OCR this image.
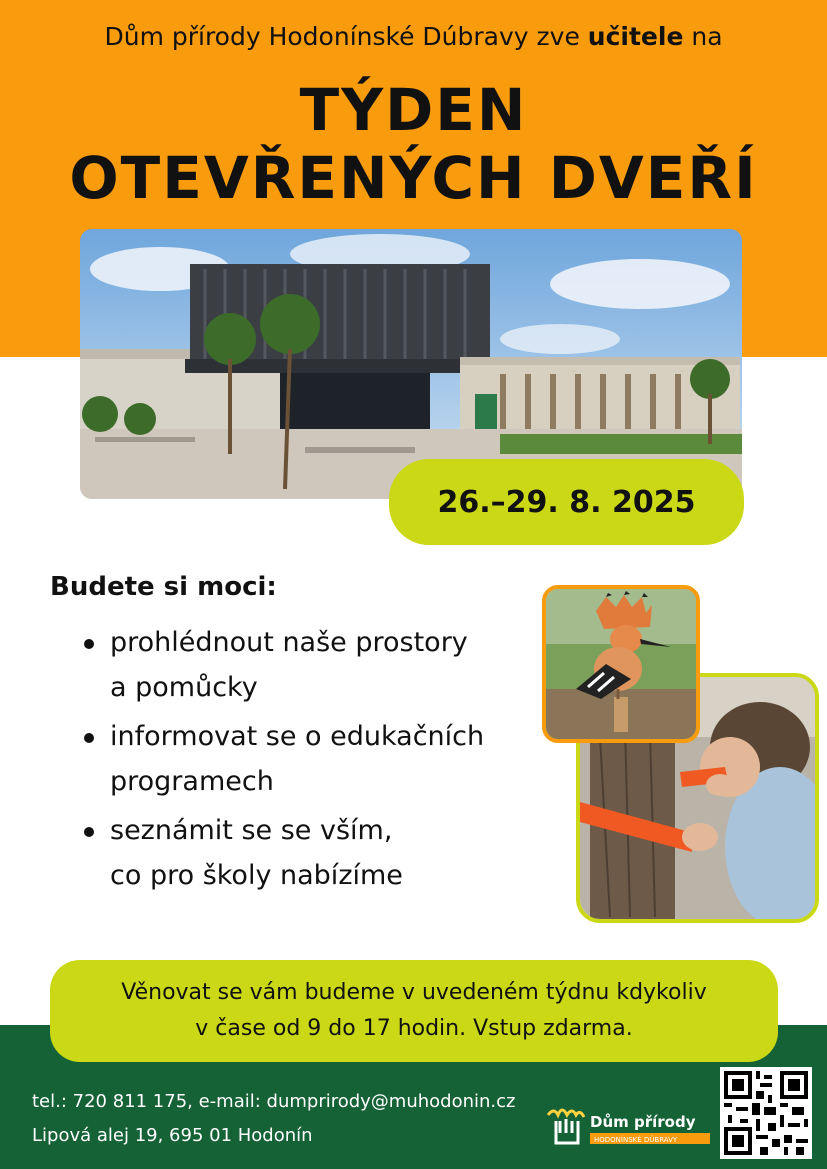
Dům přírody Hodonínské Dúbravy zve učitele na
TÝDEN
OTEVŘENÝCH DVEŘÍ
26.–29. 8. 2025
Budete si moci:
prohlédnout naše prostory
a pomůcky
informovat se o edukačních
programech
seznámit se se vším,
co pro školy nabízíme
Věnovat se vám budeme v uvedeném týdnu kdykoliv
v čase od 9 do 17 hodin. Vstup zdarma.
tel.: 720 811 175, e-mail: dumprirody@muhodonin.cz
Lipová alej 19, 695 01 Hodonín
Dům přírody
HODONÍNSKÉ DÚBRAVY
